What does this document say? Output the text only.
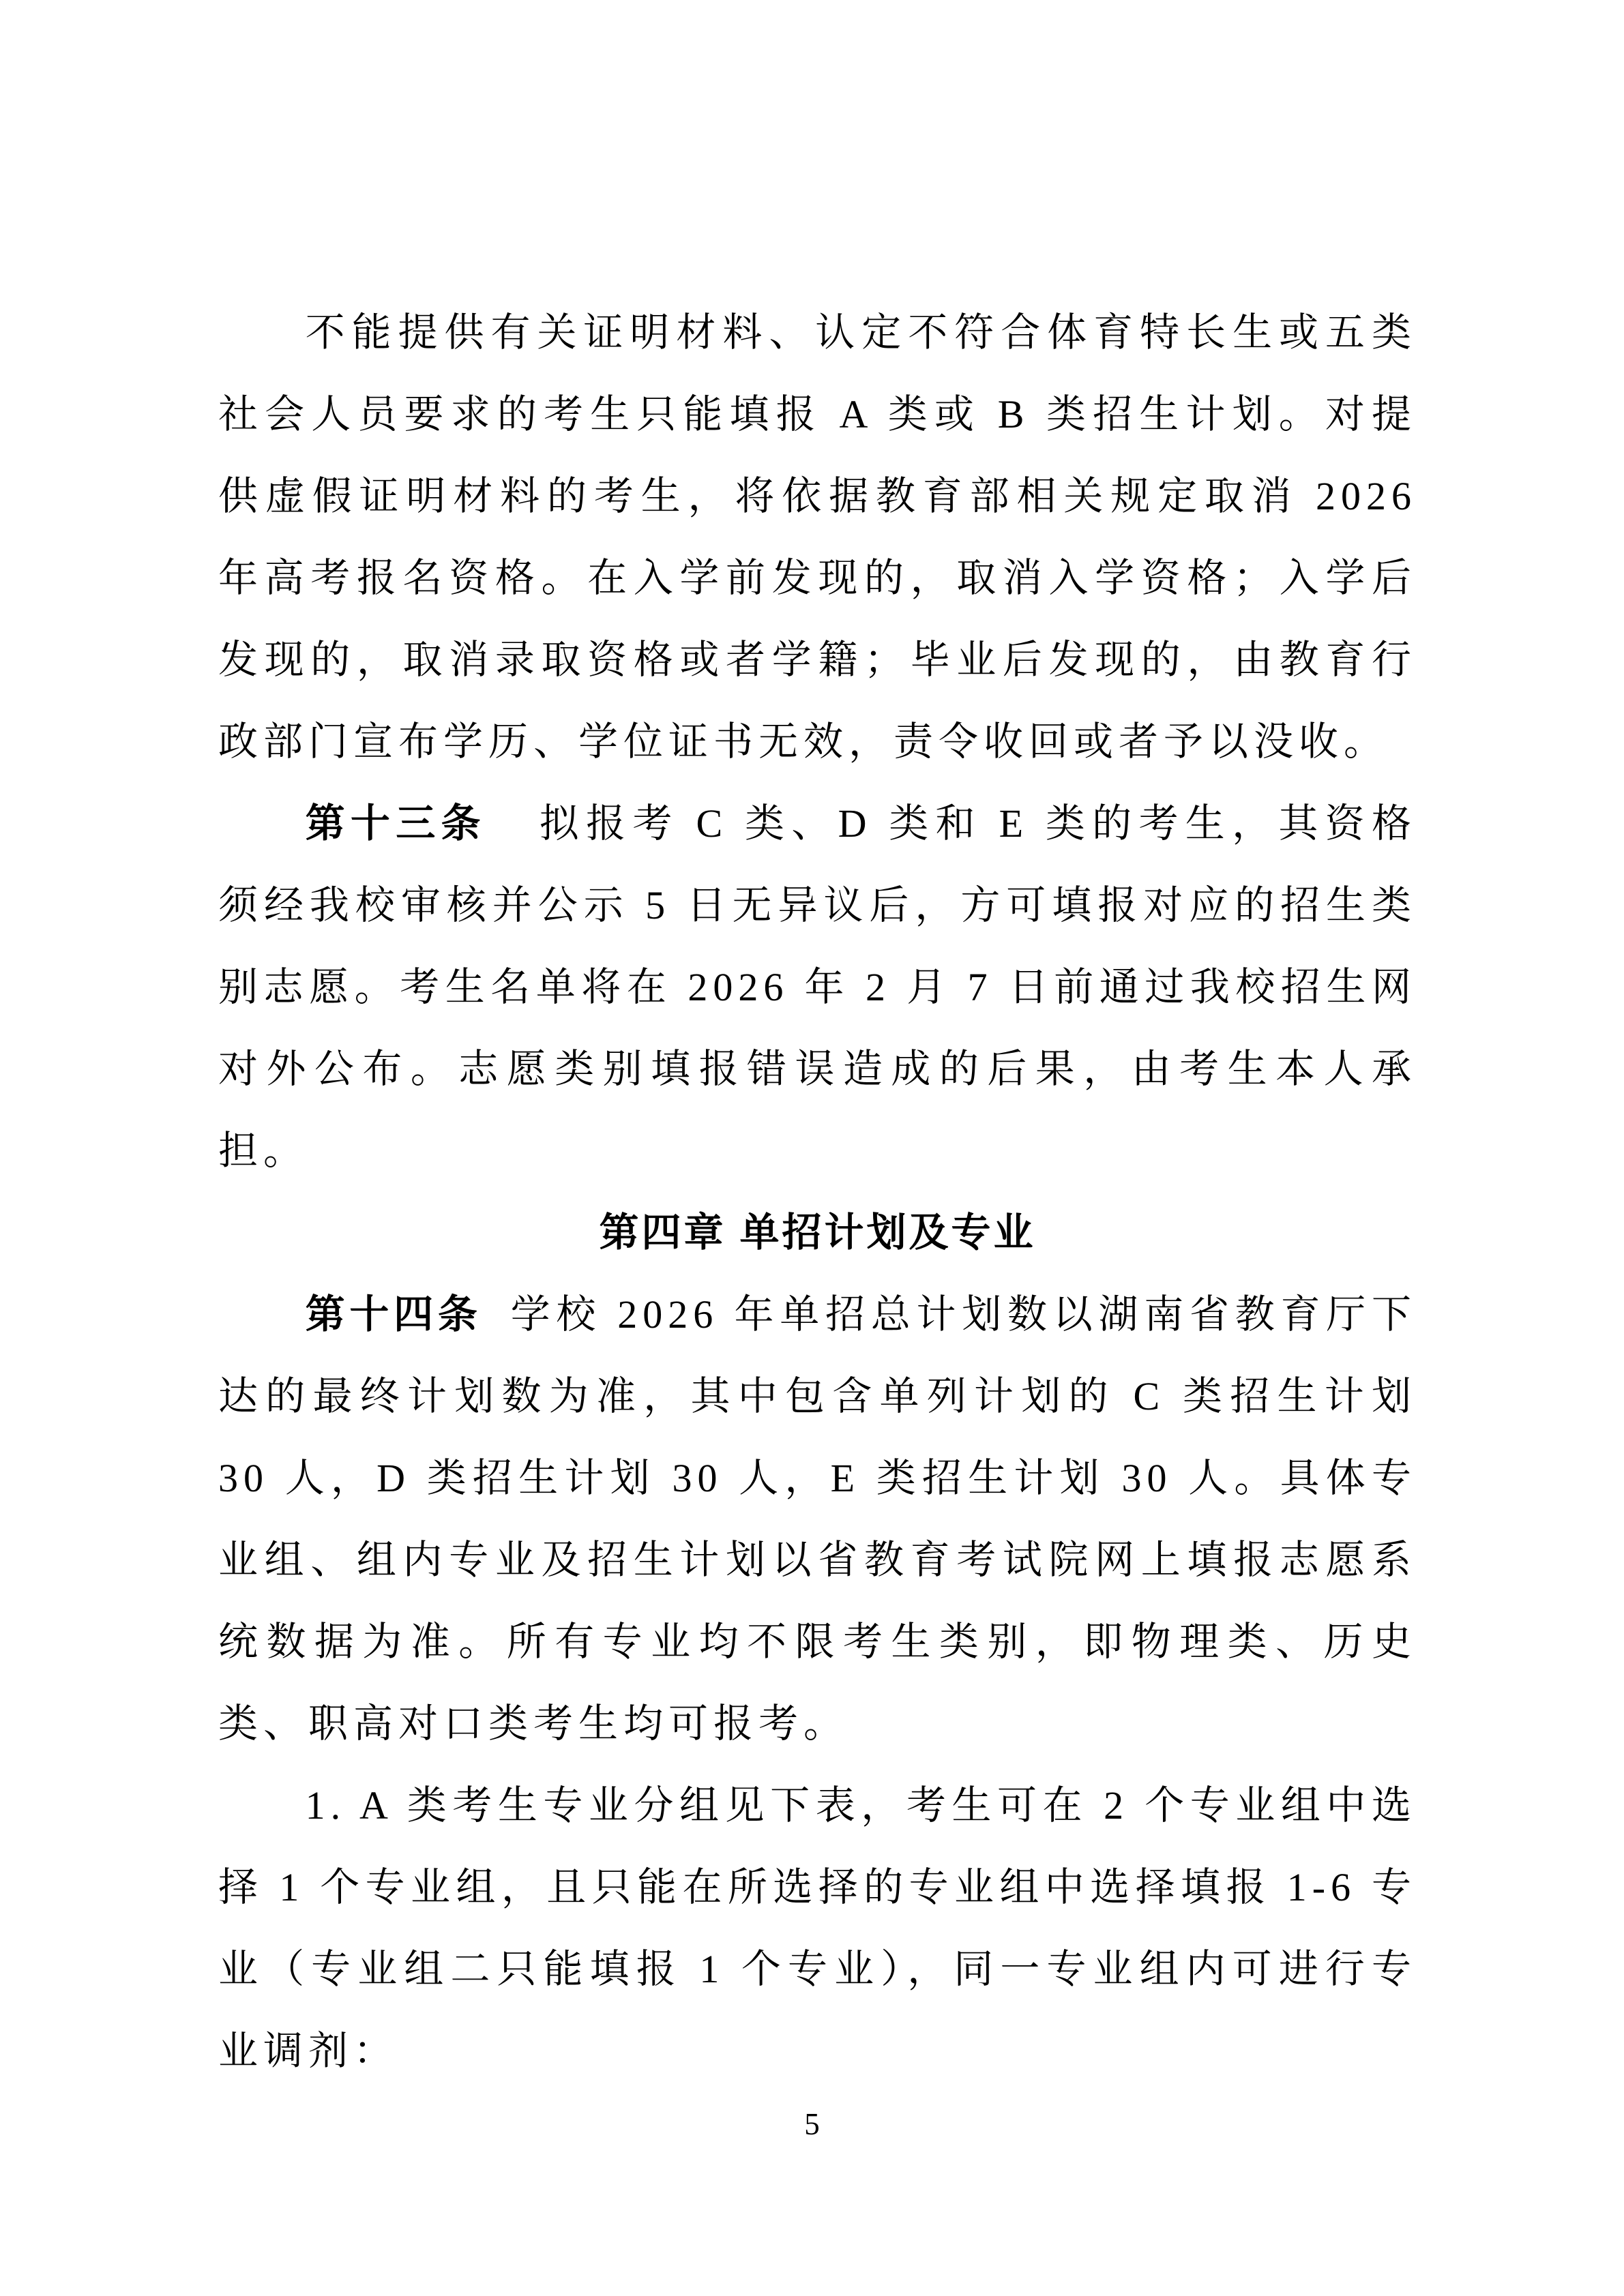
不能提供有关证明材料、认定不符合体育特长生或五类社会人员要求的考生只能填报 A 类或 B 类招生计划。对提供虚假证明材料的考生，将依据教育部相关规定取消 2026 年高考报名资格。在入学前发现的，取消入学资格；入学后发现的，取消录取资格或者学籍；毕业后发现的，由教育行政部门宣布学历、学位证书无效，责令收回或者予以没收。

第十三条 拟报考 C 类、D 类和 E 类的考生，其资格须经我校审核并公示 5 日无异议后，方可填报对应的招生类别志愿。考生名单将在 2026 年 2 月 7 日前通过我校招生网对外公布。志愿类别填报错误造成的后果，由考生本人承担。

第四章 单招计划及专业

第十四条 学校 2026 年单招总计划数以湖南省教育厅下达的最终计划数为准，其中包含单列计划的 C 类招生计划 30 人，D 类招生计划 30 人，E 类招生计划 30 人。具体专业组、组内专业及招生计划以省教育考试院网上填报志愿系统数据为准。所有专业均不限考生类别，即物理类、历史类、职高对口类考生均可报考。

1. A 类考生专业分组见下表，考生可在 2 个专业组中选择 1 个专业组，且只能在所选择的专业组中选择填报 1-6 专业（专业组二只能填报 1 个专业），同一专业组内可进行专业调剂：

5
